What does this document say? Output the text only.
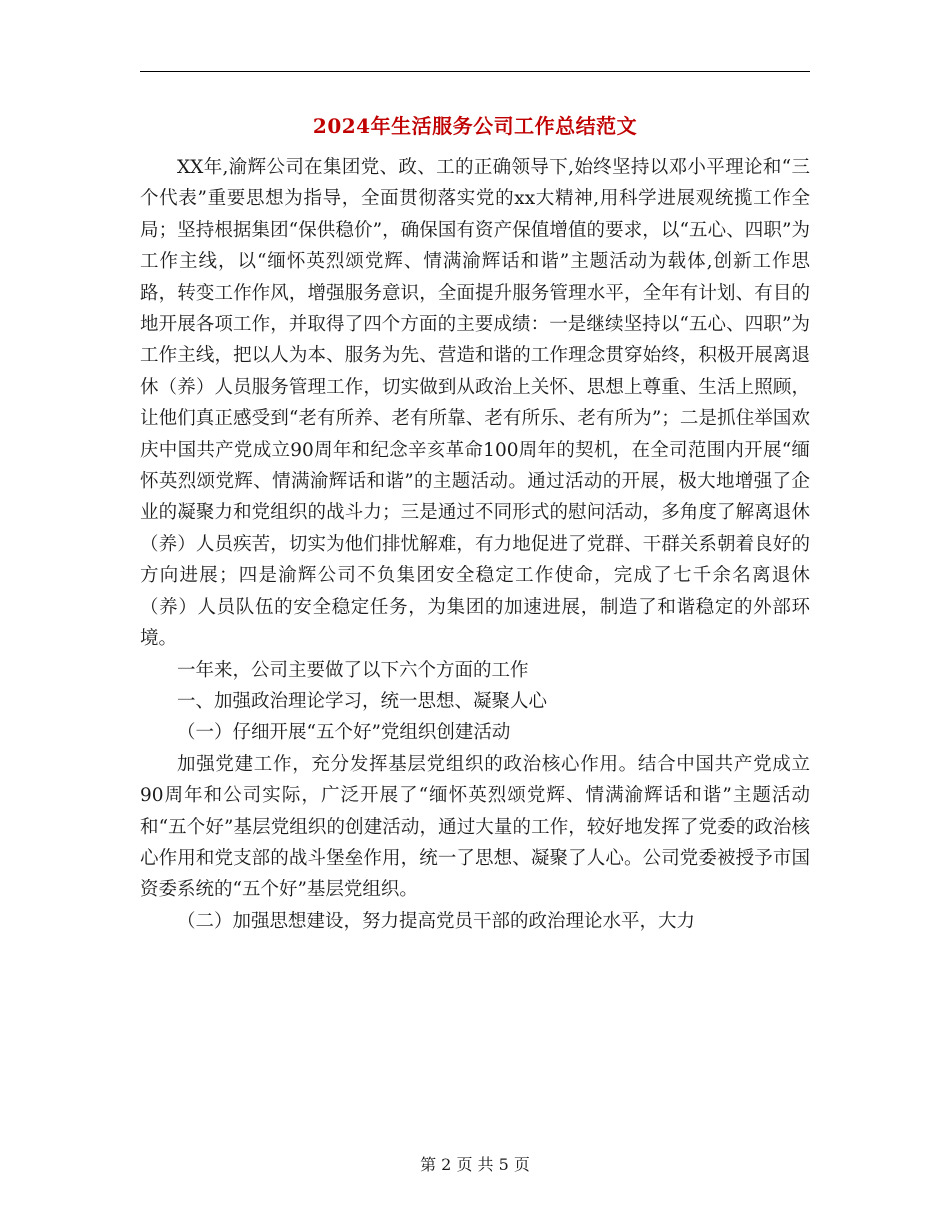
2024年生活服务公司工作总结范文

XX年,渝辉公司在集团党、政、工的正确领导下,始终坚持以邓小平理论和“三个代表”重要思想为指导，全面贯彻落实党的xx大精神,用科学进展观统揽工作全局；坚持根据集团“保供稳价”，确保国有资产保值增值的要求，以“五心、四职”为工作主线，以“缅怀英烈颂党辉、情满渝辉话和谐”主题活动为载体,创新工作思路，转变工作作风，增强服务意识，全面提升服务管理水平，全年有计划、有目的地开展各项工作，并取得了四个方面的主要成绩：一是继续坚持以“五心、四职”为工作主线，把以人为本、服务为先、营造和谐的工作理念贯穿始终，积极开展离退休（养）人员服务管理工作，切实做到从政治上关怀、思想上尊重、生活上照顾，让他们真正感受到“老有所养、老有所靠、老有所乐、老有所为”；二是抓住举国欢庆中国共产党成立90周年和纪念辛亥革命100周年的契机，在全司范围内开展“缅怀英烈颂党辉、情满渝辉话和谐”的主题活动。通过活动的开展，极大地增强了企业的凝聚力和党组织的战斗力；三是通过不同形式的慰问活动，多角度了解离退休（养）人员疾苦，切实为他们排忧解难，有力地促进了党群、干群关系朝着良好的方向进展；四是渝辉公司不负集团安全稳定工作使命，完成了七千余名离退休（养）人员队伍的安全稳定任务，为集团的加速进展，制造了和谐稳定的外部环境。

一年来，公司主要做了以下六个方面的工作

一、加强政治理论学习，统一思想、凝聚人心

（一）仔细开展“五个好”党组织创建活动

加强党建工作，充分发挥基层党组织的政治核心作用。结合中国共产党成立90周年和公司实际，广泛开展了“缅怀英烈颂党辉、情满渝辉话和谐”主题活动和“五个好”基层党组织的创建活动，通过大量的工作，较好地发挥了党委的政治核心作用和党支部的战斗堡垒作用，统一了思想、凝聚了人心。公司党委被授予市国资委系统的“五个好”基层党组织。

（二）加强思想建设，努力提高党员干部的政治理论水平，大力

第 2 页 共 5 页
